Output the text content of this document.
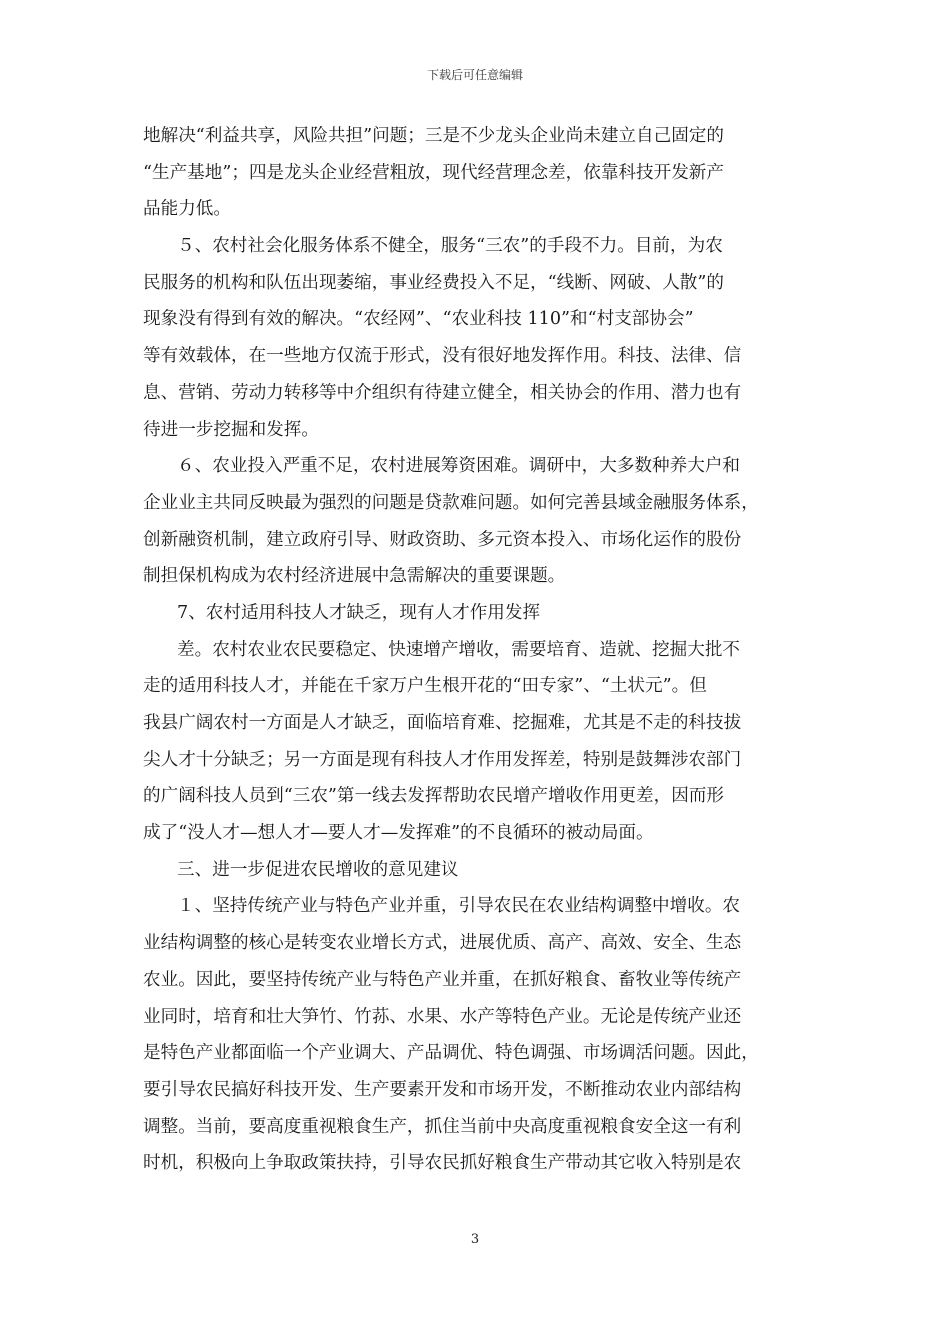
下载后可任意编辑
地解决“利益共享，风险共担”问题；三是不少龙头企业尚未建立自己固定的
“生产基地”；四是龙头企业经营粗放，现代经营理念差，依靠科技开发新产
品能力低。
５、农村社会化服务体系不健全，服务“三农”的手段不力。目前，为农
民服务的机构和队伍出现萎缩，事业经费投入不足，“线断、网破、人散”的
现象没有得到有效的解决。“农经网”、“农业科技 110”和“村支部协会”
等有效载体，在一些地方仅流于形式，没有很好地发挥作用。科技、法律、信
息、营销、劳动力转移等中介组织有待建立健全，相关协会的作用、潜力也有
待进一步挖掘和发挥。
６、农业投入严重不足，农村进展筹资困难。调研中，大多数种养大户和
企业业主共同反映最为强烈的问题是贷款难问题。如何完善县域金融服务体系，
创新融资机制，建立政府引导、财政资助、多元资本投入、市场化运作的股份
制担保机构成为农村经济进展中急需解决的重要课题。
7、农村适用科技人才缺乏，现有人才作用发挥
差。农村农业农民要稳定、快速增产增收，需要培育、造就、挖掘大批不
走的适用科技人才，并能在千家万户生根开花的“田专家”、“土状元”。但
我县广阔农村一方面是人才缺乏，面临培育难、挖掘难，尤其是不走的科技拔
尖人才十分缺乏；另一方面是现有科技人才作用发挥差，特别是鼓舞涉农部门
的广阔科技人员到“三农”第一线去发挥帮助农民增产增收作用更差，因而形
成了“没人才—想人才—要人才—发挥难”的不良循环的被动局面。
三、进一步促进农民增收的意见建议
１、坚持传统产业与特色产业并重，引导农民在农业结构调整中增收。农
业结构调整的核心是转变农业增长方式，进展优质、高产、高效、安全、生态
农业。因此，要坚持传统产业与特色产业并重，在抓好粮食、畜牧业等传统产
业同时，培育和壮大笋竹、竹荪、水果、水产等特色产业。无论是传统产业还
是特色产业都面临一个产业调大、产品调优、特色调强、市场调活问题。因此，
要引导农民搞好科技开发、生产要素开发和市场开发，不断推动农业内部结构
调整。当前，要高度重视粮食生产，抓住当前中央高度重视粮食安全这一有利
时机，积极向上争取政策扶持，引导农民抓好粮食生产带动其它收入特别是农
3
